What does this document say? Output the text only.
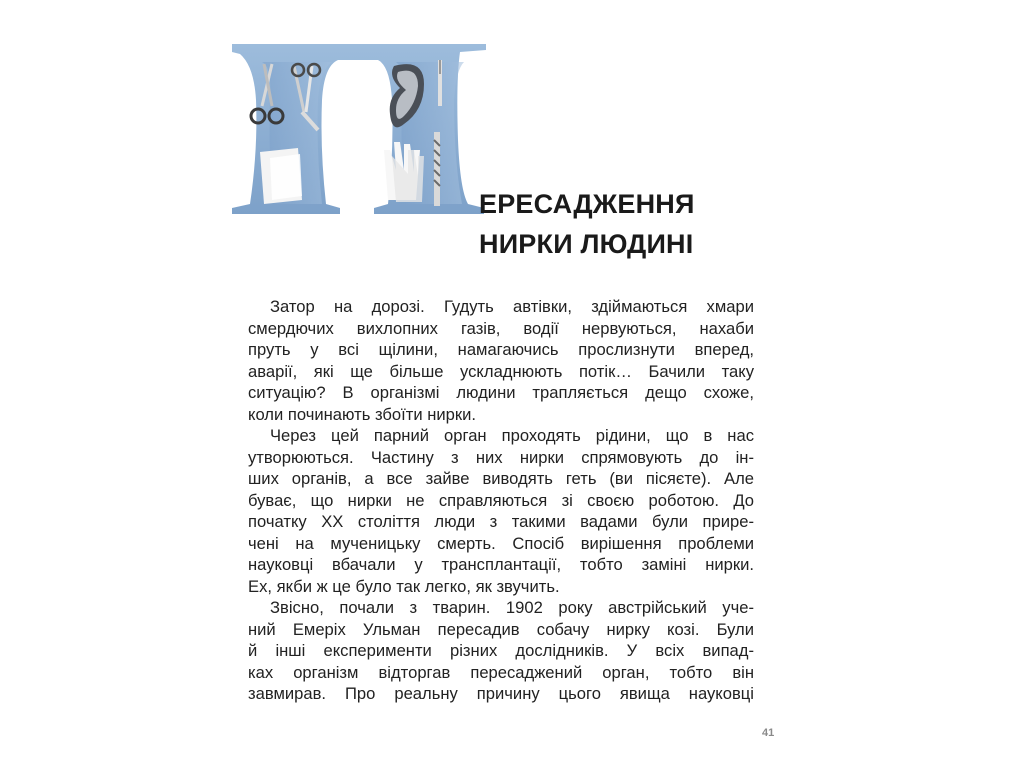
ЕРЕСАДЖЕННЯ
НИРКИ ЛЮДИНІ
Затор на дорозі. Гудуть автівки, здіймаються хмари
смердючих вихлопних газів, водії нервуються, нахаби
пруть у всі щілини, намагаючись прослизнути вперед,
аварії, які ще більше ускладнюють потік… Бачили таку
ситуацію? В організмі людини трапляється дещо схоже,
коли починають збоїти нирки.
Через цей парний орган проходять рідини, що в нас
утворюються. Частину з них нирки спрямовують до ін-
ших органів, а все зайве виводять геть (ви пісяєте). Але
буває, що нирки не справляються зі своєю роботою. До
початку XX століття люди з такими вадами були прире-
чені на мученицьку смерть. Спосіб вирішення проблеми
науковці вбачали у трансплантації, тобто заміні нирки.
Ех, якби ж це було так легко, як звучить.
Звісно, почали з тварин. 1902 року австрійський уче-
ний Емеріх Ульман пересадив собачу нирку козі. Були
й інші експерименти різних дослідників. У всіх випад-
ках організм відторгав пересаджений орган, тобто він
завмирав. Про реальну причину цього явища науковці
41
